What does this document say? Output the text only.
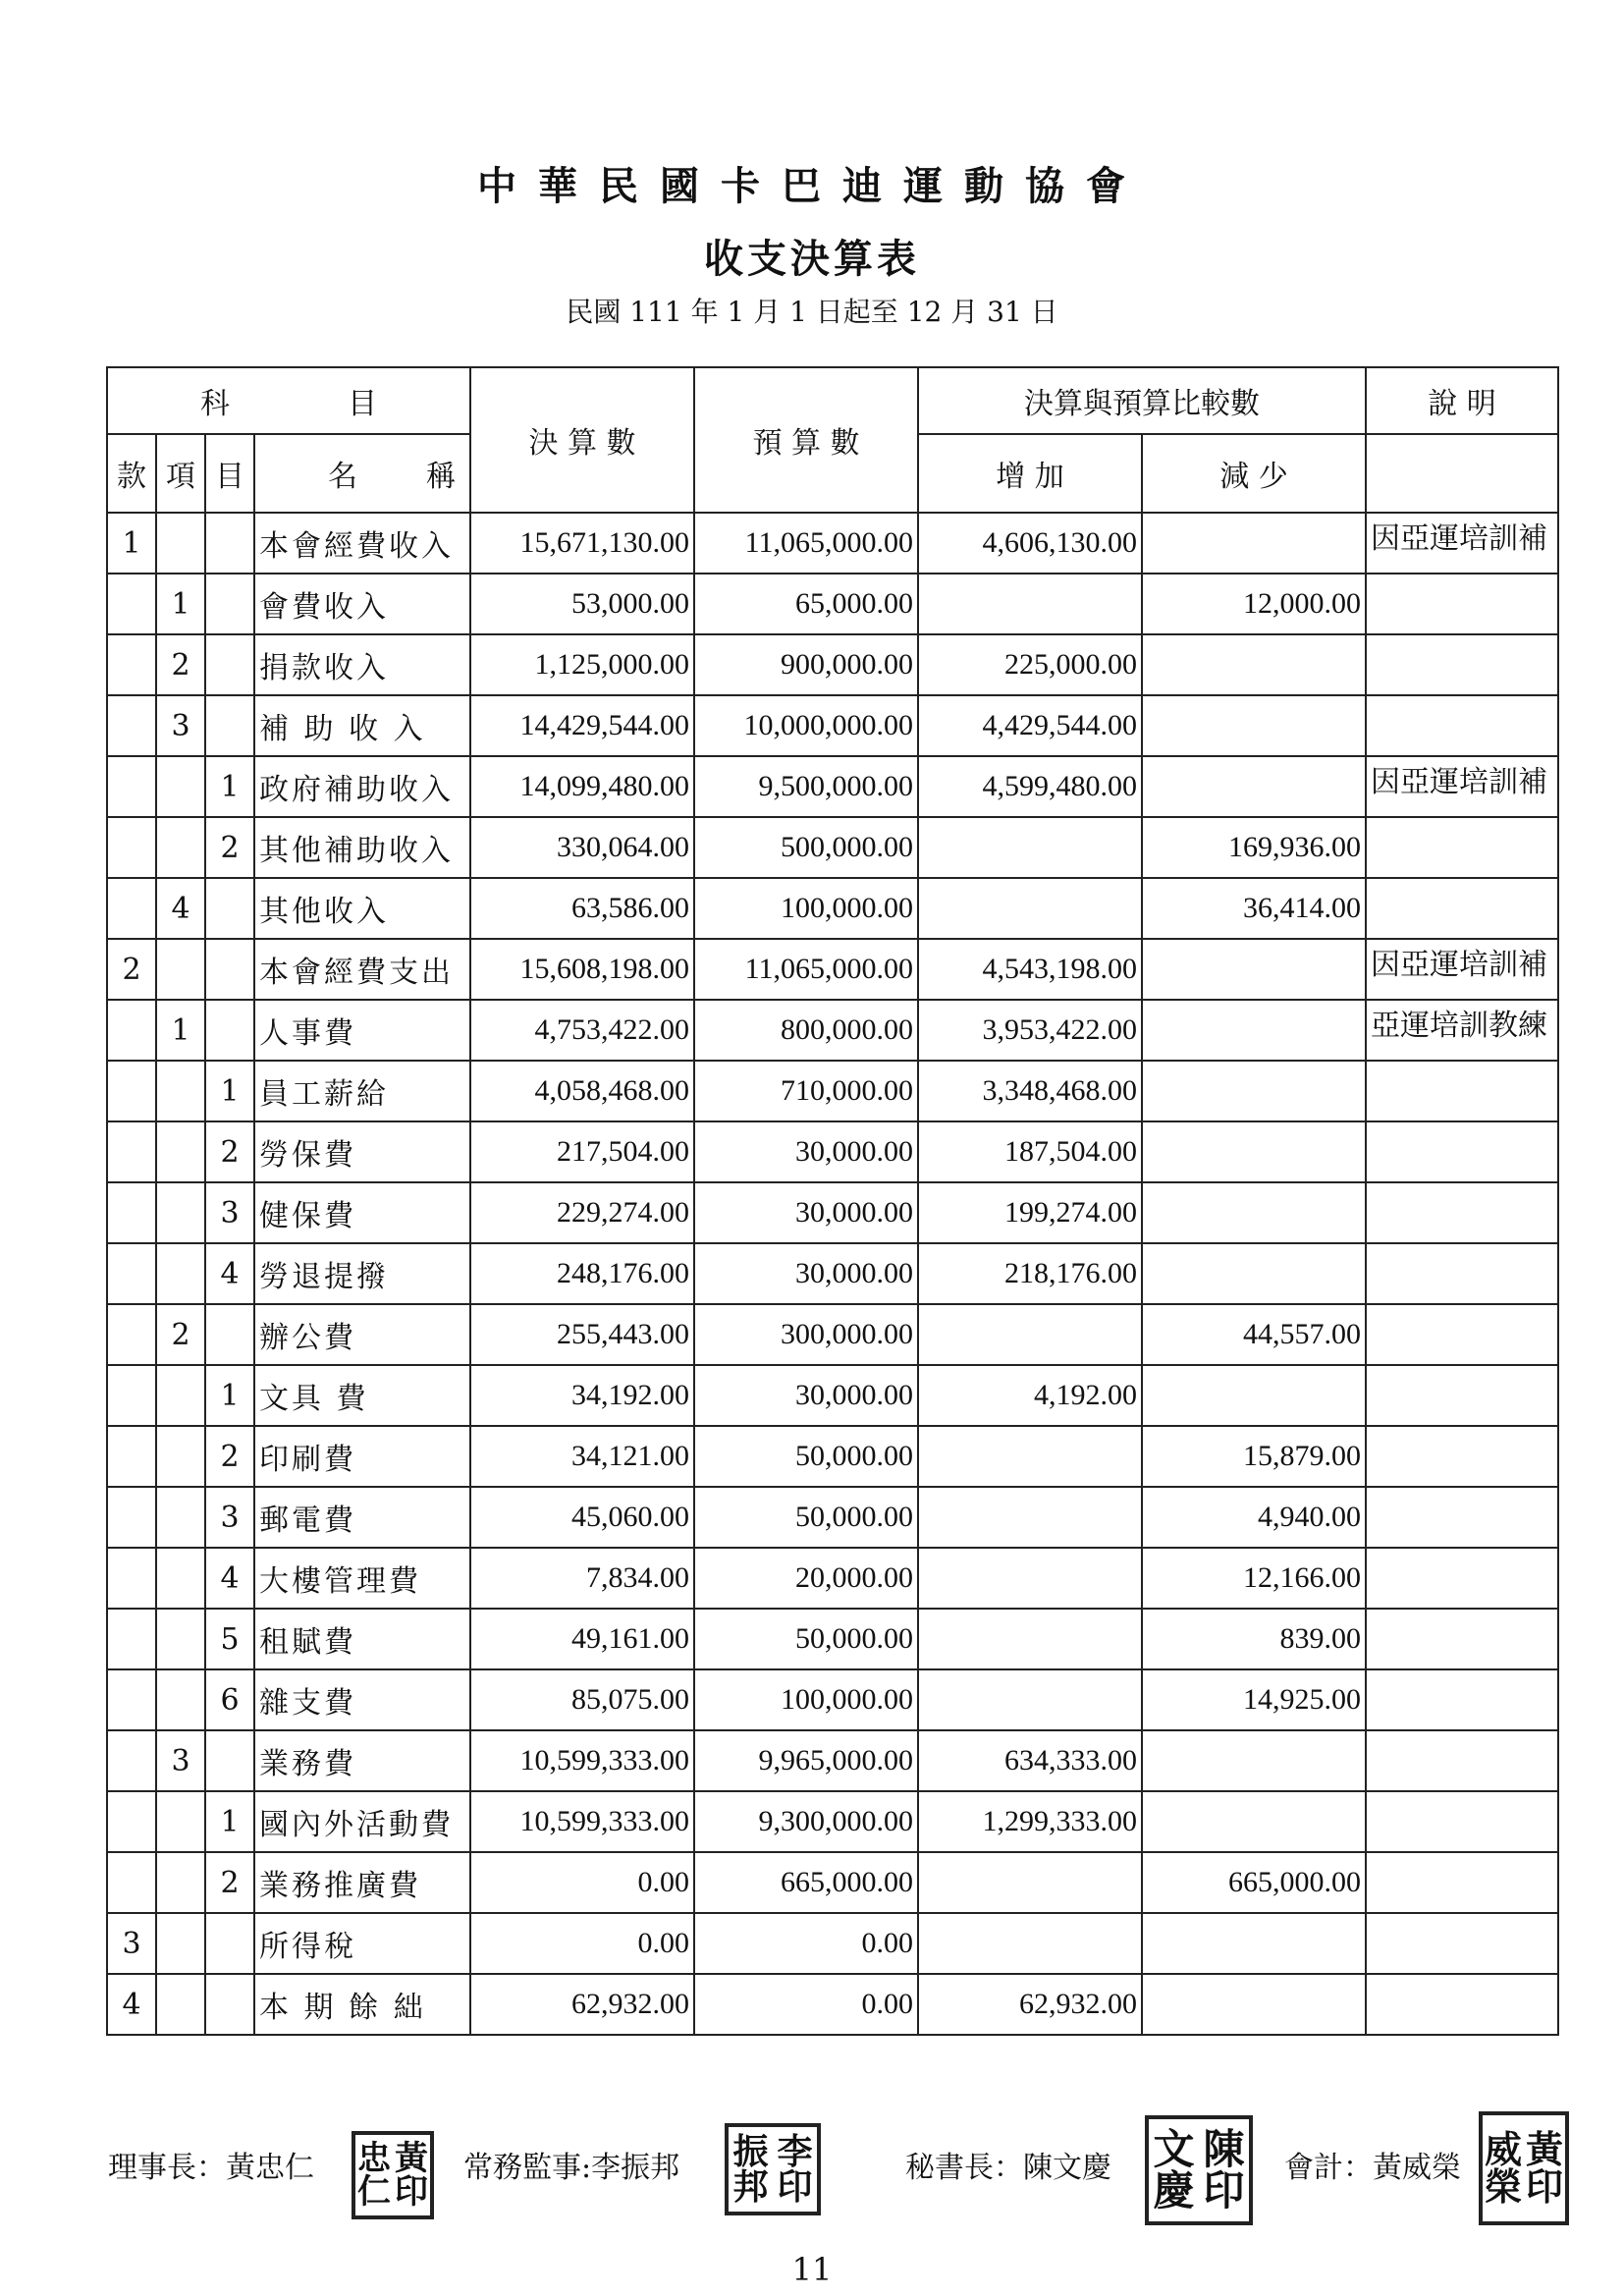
中華民國卡巴迪運動協會
收支決算表
民國 111 年 1 月 1 日起至 12 月 31 日
科　　　　目				決 算 數	預 算 數	決算與預算比較數		說 明
款	項	目	名 稱			增 加	減 少	
1			本會經費收入	15,671,130.00	11,065,000.00	4,606,130.00		因亞運培訓補
	1		會費收入	53,000.00	65,000.00		12,000.00	
	2		捐款收入	1,125,000.00	900,000.00	225,000.00		
	3		補 助 收 入	14,429,544.00	10,000,000.00	4,429,544.00		
		1	政府補助收入	14,099,480.00	9,500,000.00	4,599,480.00		因亞運培訓補
		2	其他補助收入	330,064.00	500,000.00		169,936.00	
	4		其他收入	63,586.00	100,000.00		36,414.00	
2			本會經費支出	15,608,198.00	11,065,000.00	4,543,198.00		因亞運培訓補
	1		人事費	4,753,422.00	800,000.00	3,953,422.00		亞運培訓教練
		1	員工薪給	4,058,468.00	710,000.00	3,348,468.00		
		2	勞保費	217,504.00	30,000.00	187,504.00		
		3	健保費	229,274.00	30,000.00	199,274.00		
		4	勞退提撥	248,176.00	30,000.00	218,176.00		
	2		辦公費	255,443.00	300,000.00		44,557.00	
		1	文具 費	34,192.00	30,000.00	4,192.00		
		2	印刷費	34,121.00	50,000.00		15,879.00	
		3	郵電費	45,060.00	50,000.00		4,940.00	
		4	大樓管理費	7,834.00	20,000.00		12,166.00	
		5	租賦費	49,161.00	50,000.00		839.00	
		6	雜支費	85,075.00	100,000.00		14,925.00	
	3		業務費	10,599,333.00	9,965,000.00	634,333.00		
		1	國內外活動費	10,599,333.00	9,300,000.00	1,299,333.00		
		2	業務推廣費	0.00	665,000.00		665,000.00	
3			所得稅	0.00	0.00			
4			本 期 餘 絀	62,932.00	0.00	62,932.00		
理事長：黃忠仁 忠 黃
仁 印
常務監事:李振邦 振 李
邦 印	秘書長：陳文慶 文 陳
慶 印 會計：黃威榮 威 黃
榮 印
11
